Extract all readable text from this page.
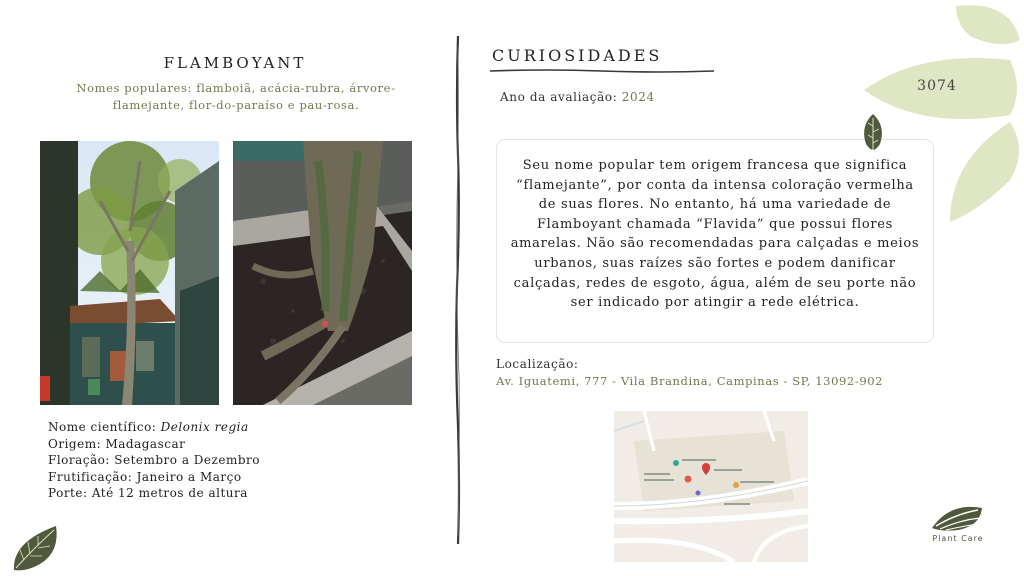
FLAMBOYANT
Nomes populares: flamboiã, acácia-rubra, árvore-flamejante, flor-do-paraíso e pau-rosa.
Nome científico: Delonix regia
Origem: Madagascar
Floração: Setembro a Dezembro
Frutificação: Janeiro a Março
Porte: Até 12 metros de altura
CURIOSIDADES
Ano da avaliação: 2024
Seu nome popular tem origem francesa que significa “flamejante”, por conta da intensa coloração vermelha de suas flores. No entanto, há uma variedade de Flamboyant chamada “Flavida” que possui flores amarelas. Não são recomendadas para calçadas e meios urbanos, suas raízes são fortes e podem danificar calçadas, redes de esgoto, água, além de seu porte não ser indicado por atingir a rede elétrica.
Localização:
Av. Iguatemi, 777 - Vila Brandina, Campinas - SP, 13092-902
3074
Plant Care
